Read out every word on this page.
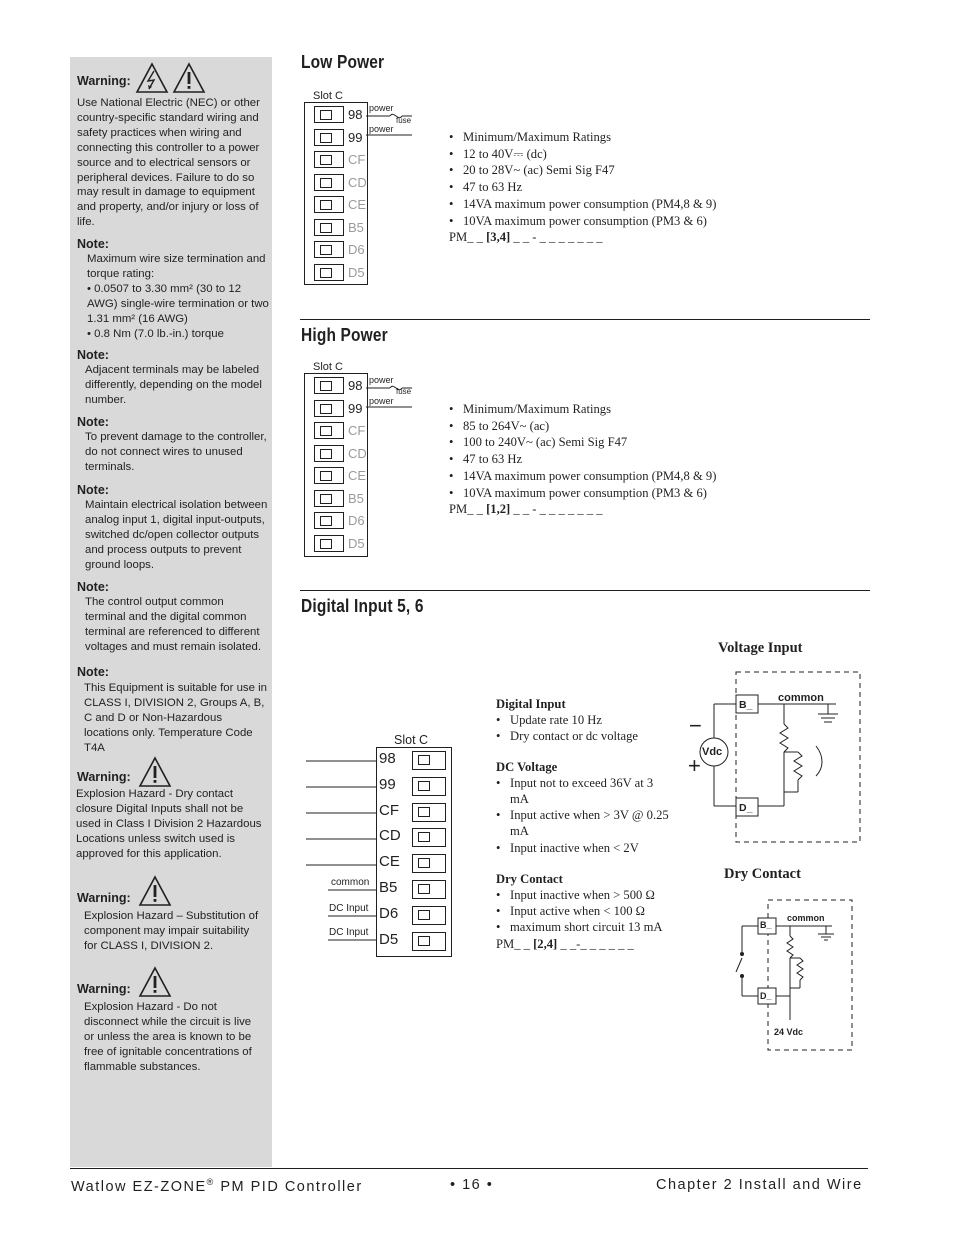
Warning:

Use National Electric (NEC) or other country-specific standard wiring and safety practices when wiring and connecting this controller to a power source and to electrical sensors or peripheral devices. Failure to do so may result in damage to equipment and property, and/or injury or loss of life.

Note:

Maximum wire size termination and torque rating:

• 0.0507 to 3.30 mm² (30 to 12 AWG) single-wire termination or two 1.31 mm² (16 AWG)

• 0.8 Nm (7.0 lb.-in.) torque

Note:

Adjacent terminals may be labeled differently, depending on the model number.

Note:

To prevent damage to the controller, do not connect wires to unused terminals.

Note:

Maintain electrical isolation between analog input 1, digital input-outputs, switched dc/open collector outputs and process outputs to prevent ground loops.

Note:

The control output common terminal and the digital common terminal are referenced to different voltages and must remain isolated.

Note:

This Equipment is suitable for use in CLASS I, DIVISION 2, Groups A, B, C and D or Non-Hazardous locations only. Temperature Code T4A

Warning:

Explosion Hazard - Dry contact closure Digital Inputs shall not be used in Class I Division 2 Hazardous Locations unless switch used is approved for this application.

Warning:

Explosion Hazard – Substitution of component may impair suitability for CLASS I, DIVISION 2.

Warning:

Explosion Hazard - Do not disconnect while the circuit is live or unless the area is known to be free of ignitable concentrations of flammable substances.

Low Power
Slot C
98
99
CF
CD
CE
B5
D6
D5
power
fuse
power
• Minimum/Maximum Ratings
• 12 to 40V⎓ (dc)
• 20 to 28V~ (ac) Semi Sig F47
• 47 to 63 Hz
• 14VA maximum power consumption (PM4,8 & 9)
• 10VA maximum power consumption (PM3 & 6)
PM_ _ [3,4] _ _ - _ _ _ _ _ _ _
High Power
Slot C
98
99
CF
CD
CE
B5
D6
D5
power
fuse
power
• Minimum/Maximum Ratings
• 85 to 264V~ (ac)
• 100 to 240V~ (ac) Semi Sig F47
• 47 to 63 Hz
• 14VA maximum power consumption (PM4,8 & 9)
• 10VA maximum power consumption (PM3 & 6)
PM_ _ [1,2] _ _ - _ _ _ _ _ _ _
Digital Input 5, 6
Slot C
98
99
CF
CD
CE
B5
D6
D5
common
DC Input
DC Input
Digital Input
• Update rate 10 Hz
• Dry contact or dc voltage
DC Voltage
• Input not to exceed 36V at 3 mA
• Input active when > 3V @ 0.25 mA
• Input inactive when < 2V
Dry Contact
• Input inactive when > 500 Ω
• Input active when < 100 Ω
• maximum short circuit 13 mA
PM_ _ [2,4] _ _-_ _ _ _ _ _
Voltage Input
B_
D_
common
Vdc
−
+
Dry Contact
B_
D_
common
24 Vdc
Watlow EZ-ZONE® PM PID Controller	• 16 •	Chapter 2 Install and Wire
